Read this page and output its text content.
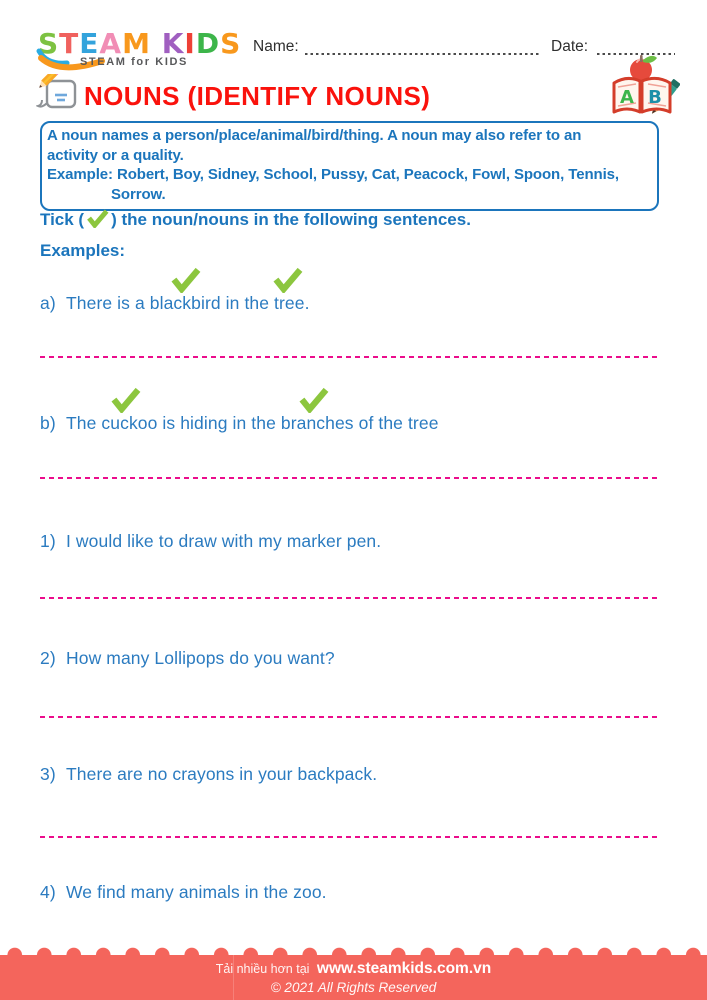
STEAM KIDS
STEAM for KIDS
Name:	Date:
NOUNS (IDENTIFY NOUNS)	A B
A noun names a person/place/animal/bird/thing. A noun may also refer to an
activity or a quality.
Example: Robert, Boy, Sidney, School, Pussy, Cat, Peacock, Fowl, Spoon, Tennis,
Sorrow.
Tick ( ) the noun/nouns in the following sentences.
Examples:
a) There is a blackbird in the tree.
b) The cuckoo is hiding in the branches of the tree
1) I would like to draw with my marker pen.
2) How many Lollipops do you want?
3) There are no crayons in your backpack.
4) We find many animals in the zoo.
Tải nhiều hơn tại www.steamkids.com.vn
© 2021 All Rights Reserved
